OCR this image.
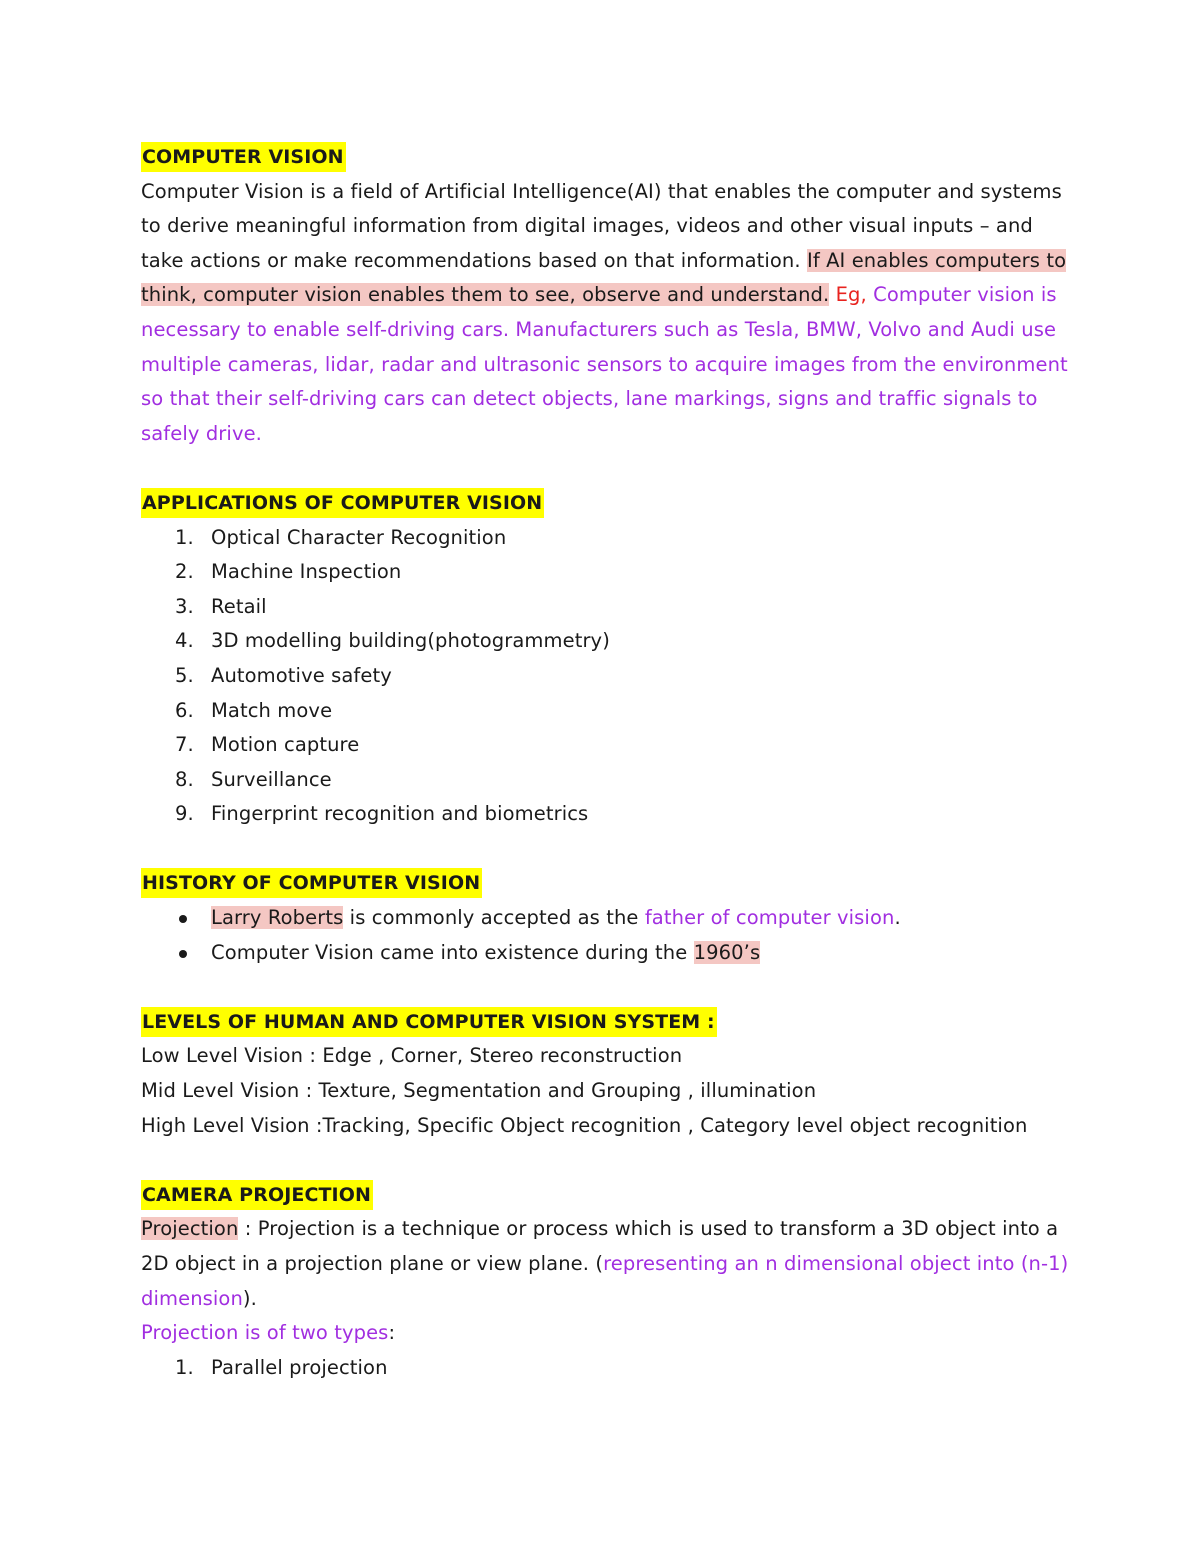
COMPUTER VISION

Computer Vision is a field of Artificial Intelligence(AI) that enables the computer and systems to derive meaningful information from digital images, videos and other visual inputs – and take actions or make recommendations based on that information. If AI enables computers to think, computer vision enables them to see, observe and understand. Eg, Computer vision is necessary to enable self-driving cars. Manufacturers such as Tesla, BMW, Volvo and Audi use multiple cameras, lidar, radar and ultrasonic sensors to acquire images from the environment so that their self-driving cars can detect objects, lane markings, signs and traffic signals to safely drive.

APPLICATIONS OF COMPUTER VISION
1. Optical Character Recognition
2. Machine Inspection
3. Retail
4. 3D modelling building(photogrammetry)
5. Automotive safety
6. Match move
7. Motion capture
8. Surveillance
9. Fingerprint recognition and biometrics
HISTORY OF COMPUTER VISION
Larry Roberts is commonly accepted as the father of computer vision.
Computer Vision came into existence during the 1960’s
LEVELS OF HUMAN AND COMPUTER VISION SYSTEM :

Low Level Vision : Edge , Corner, Stereo reconstruction

Mid Level Vision : Texture, Segmentation and Grouping , illumination

High Level Vision :Tracking, Specific Object recognition , Category level object recognition

CAMERA PROJECTION

Projection : Projection is a technique or process which is used to transform a 3D object into a 2D object in a projection plane or view plane. (representing an n dimensional object into (n-1) dimension).

Projection is of two types:

1. Parallel projection
